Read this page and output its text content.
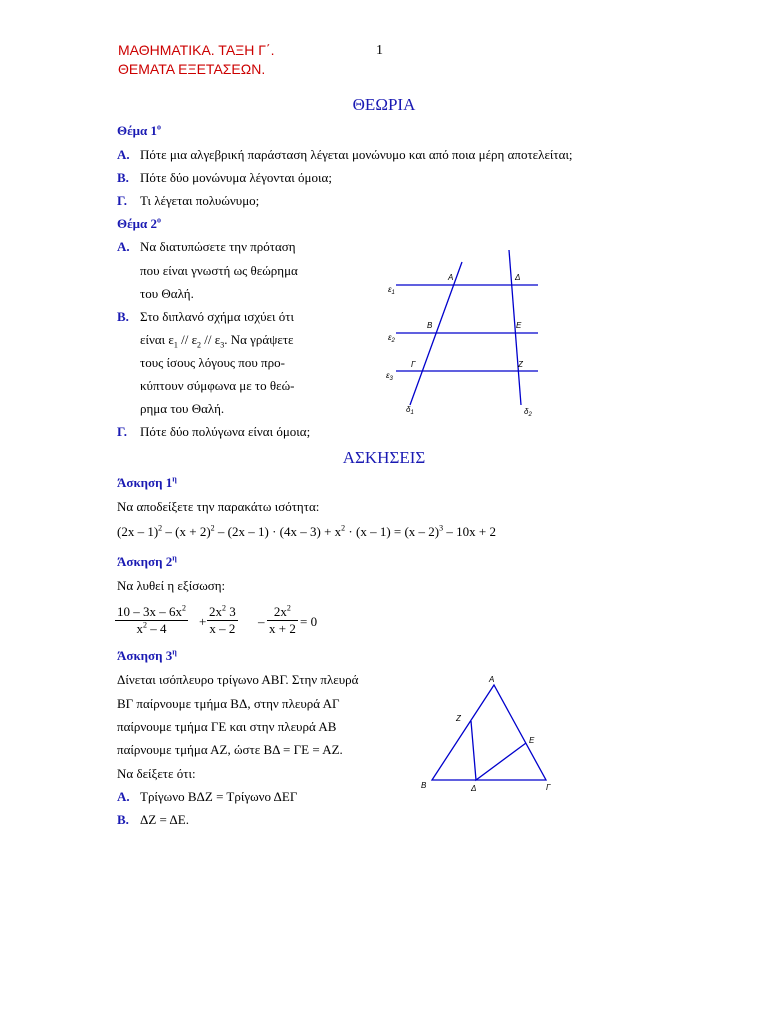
ΜΑΘΗΜΑΤΙΚΑ. ΤΑΞΗ Γ΄.
ΘΕΜΑΤΑ ΕΞΕΤΑΣΕΩΝ.
1
ΘΕΩΡΙΑ
Θέμα $1^o$
Α. Πότε μια αλγεβρική παράσταση λέγεται μονώνυμο και από ποια μέρη αποτελείται;
Β. Πότε δύο μονώνυμα λέγονται όμοια;
Γ. Τι λέγεται πολυώνυμο;
Θέμα $2^o$
Α. Να διατυπώσετε την πρόταση
που είναι γνωστή ως θεώρημα
του Θαλή.
Β. Στο διπλανό σχήμα ισχύει ότι
είναι $\varepsilon_1 // \varepsilon_2 // \varepsilon_3$. Να γράψετε
τους ίσους λόγους που προ-
κύπτουν σύμφωνα με το θεώ-
ρημα του Θαλή.
Γ. Πότε δύο πολύγωνα είναι όμοια;
A	Δ
B	E
Γ	Z
$\varepsilon_1$
$\varepsilon_2$
$\varepsilon_3$
$\delta_1$	$\delta_2$
ΑΣΚΗΣΕΙΣ
Άσκηση $1^\eta$
Να αποδείξετε την παρακάτω ισότητα:
$(2x - 1)^2 - (x + 2)^2 - (2x - 1) \cdot (4x - 3) + x^2 \cdot (x - 1) = (x - 2)^3 - 10x + 2$
Άσκηση $2^\eta$
Να λυθεί η εξίσωση:
$\frac{10 - 3x - 6x^2}{x^2 - 4} + \frac{2x^2 3}{x - 2} - \frac{2x^2}{x + 2} = 0$
Άσκηση $3^\eta$
Δίνεται ισόπλευρο τρίγωνο ΑΒΓ. Στην πλευρά
ΒΓ παίρνουμε τμήμα ΒΔ, στην πλευρά ΑΓ
παίρνουμε τμήμα ΓΕ και στην πλευρά ΑΒ
παίρνουμε τμήμα ΑΖ, ώστε ΒΔ = ΓΕ = ΑΖ.
Να δείξετε ότι:
Α. Τρίγωνο ΒΔΖ = Τρίγωνο ΔΕΓ
Β. ΔΖ = ΔΕ.
A
Z
E
B	Δ	Γ
